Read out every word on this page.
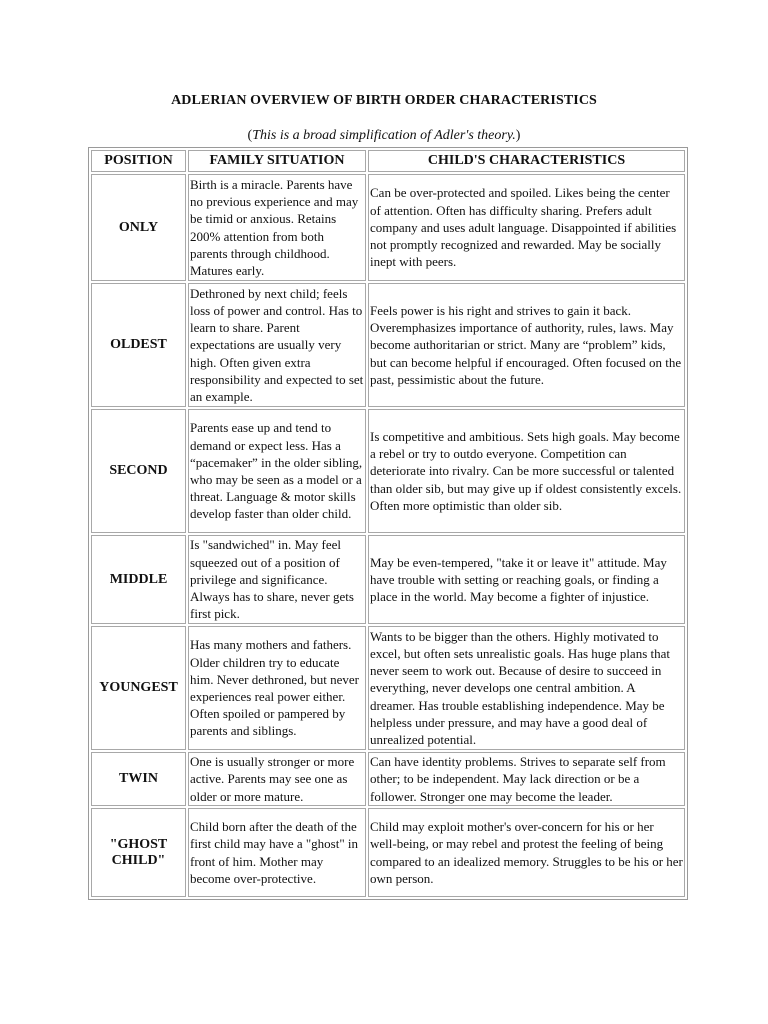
ADLERIAN OVERVIEW OF BIRTH ORDER CHARACTERISTICS
(This is a broad simplification of Adler's theory.)
POSITION	FAMILY SITUATION	CHILD'S CHARACTERISTICS
ONLY	Birth is a miracle. Parents have no previous experience and may be timid or anxious. Retains 200% attention from both parents through childhood. Matures early.	Can be over-protected and spoiled. Likes being the center of attention. Often has difficulty sharing. Prefers adult company and uses adult language. Disappointed if abilities not promptly recognized and rewarded. May be socially inept with peers.
OLDEST	Dethroned by next child; feels loss of power and control. Has to learn to share. Parent expectations are usually very high. Often given extra responsibility and expected to set an example.	Feels power is his right and strives to gain it back. Overemphasizes importance of authority, rules, laws. May become authoritarian or strict. Many are “problem” kids, but can become helpful if encouraged. Often focused on the past, pessimistic about the future.
SECOND	Parents ease up and tend to demand or expect less. Has a “pacemaker” in the older sibling, who may be seen as a model or a threat. Language & motor skills develop faster than older child.	Is competitive and ambitious. Sets high goals. May become a rebel or try to outdo everyone. Competition can deteriorate into rivalry. Can be more successful or talented than older sib, but may give up if oldest consistently excels. Often more optimistic than older sib.
MIDDLE	Is "sandwiched" in. May feel squeezed out of a position of privilege and significance. Always has to share, never gets first pick.	May be even-tempered, "take it or leave it" attitude. May have trouble with setting or reaching goals, or finding a place in the world. May become a fighter of injustice.
YOUNGEST	Has many mothers and fathers. Older children try to educate him. Never dethroned, but never experiences real power either. Often spoiled or pampered by parents and siblings.	Wants to be bigger than the others. Highly motivated to excel, but often sets unrealistic goals. Has huge plans that never seem to work out. Because of desire to succeed in everything, never develops one central ambition. A dreamer. Has trouble establishing independence. May be helpless under pressure, and may have a good deal of unrealized potential.
TWIN	One is usually stronger or more active. Parents may see one as older or more mature.	Can have identity problems. Strives to separate self from other; to be independent. May lack direction or be a follower. Stronger one may become the leader.
"GHOST CHILD"	Child born after the death of the first child may have a "ghost" in front of him. Mother may become over-protective.	Child may exploit mother's over-concern for his or her well-being, or may rebel and protest the feeling of being compared to an idealized memory. Struggles to be his or her own person.
